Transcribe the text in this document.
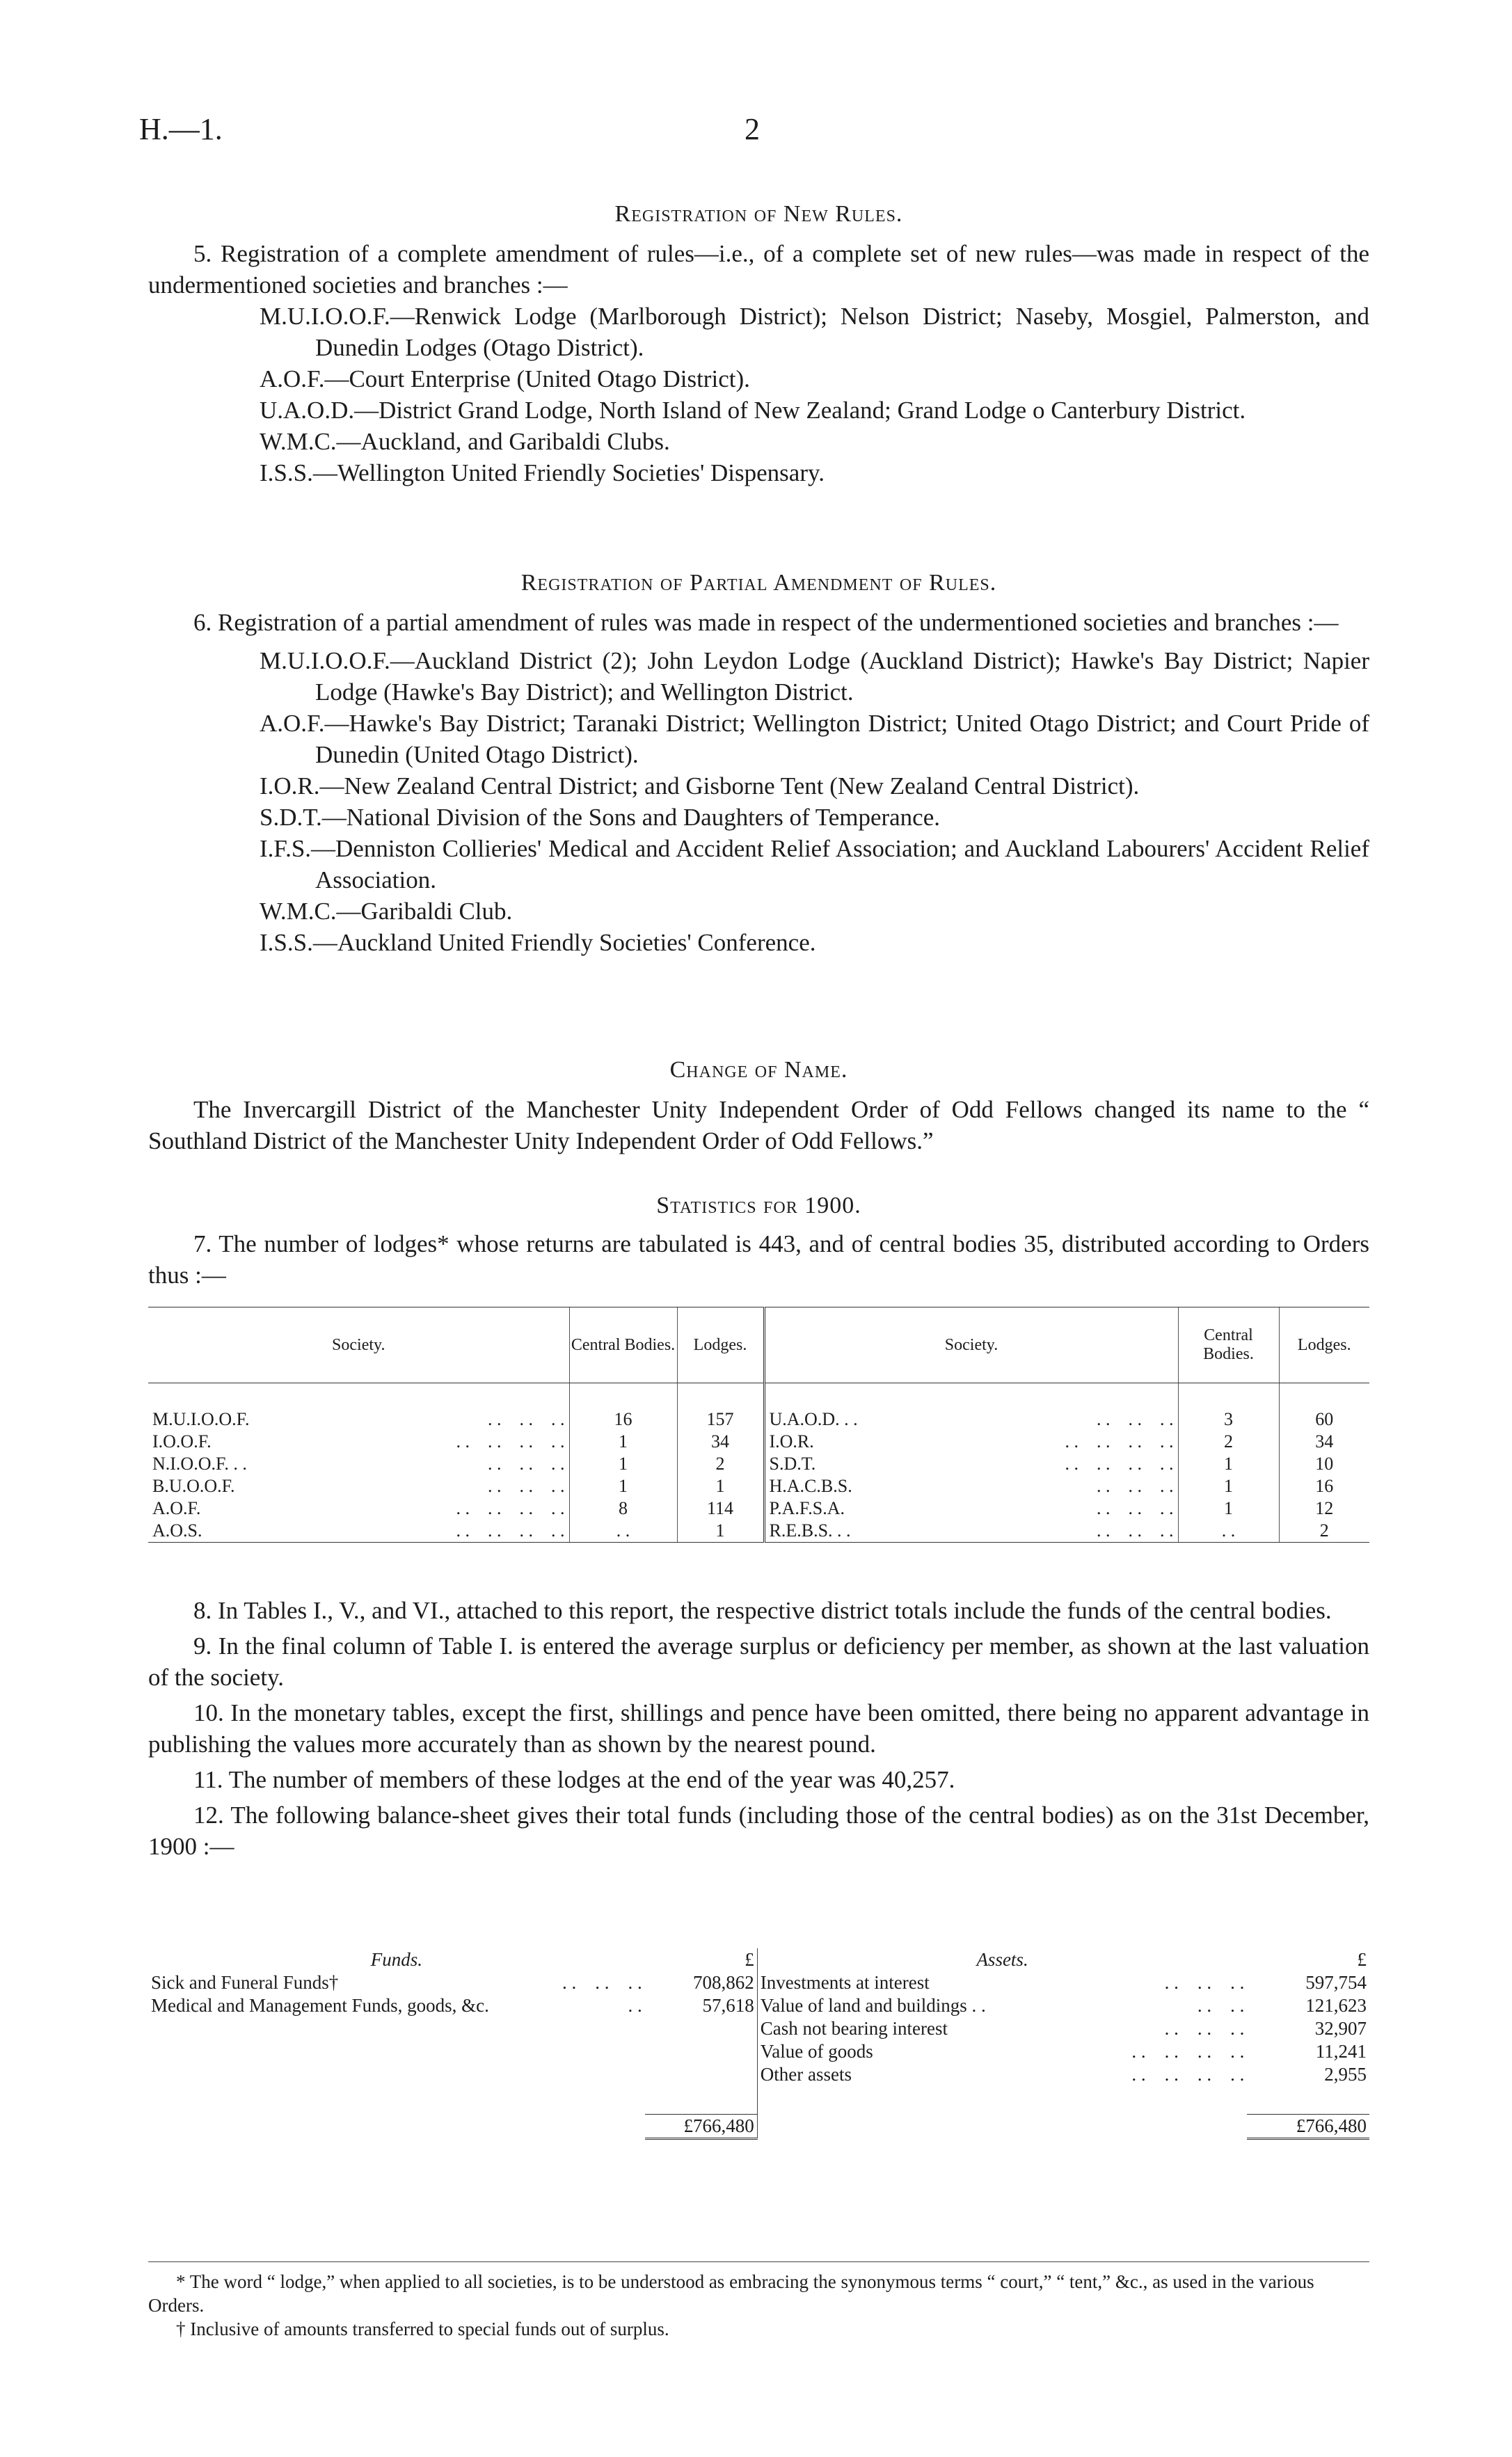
H.—1.	2

Registration of New Rules.

5. Registration of a complete amendment of rules—i.e., of a complete set of new rules—was made in respect of the undermentioned societies and branches :—

M.U.I.O.O.F.—Renwick Lodge (Marlborough District); Nelson District; Naseby, Mosgiel, Palmerston, and Dunedin Lodges (Otago District).

A.O.F.—Court Enterprise (United Otago District).

U.A.O.D.—District Grand Lodge, North Island of New Zealand; Grand Lodge o Canterbury District.

W.M.C.—Auckland, and Garibaldi Clubs.

I.S.S.—Wellington United Friendly Societies' Dispensary.

Registration of Partial Amendment of Rules.

6. Registration of a partial amendment of rules was made in respect of the undermentioned societies and branches :—

M.U.I.O.O.F.—Auckland District (2); John Leydon Lodge (Auckland District); Hawke's Bay District; Napier Lodge (Hawke's Bay District); and Wellington District.

A.O.F.—Hawke's Bay District; Taranaki District; Wellington District; United Otago District; and Court Pride of Dunedin (United Otago District).

I.O.R.—New Zealand Central District; and Gisborne Tent (New Zealand Central District).

S.D.T.—National Division of the Sons and Daughters of Temperance.

I.F.S.—Denniston Collieries' Medical and Accident Relief Association; and Auckland Labourers' Accident Relief Association.

W.M.C.—Garibaldi Club.

I.S.S.—Auckland United Friendly Societies' Conference.

Change of Name.

The Invercargill District of the Manchester Unity Independent Order of Odd Fellows changed its name to the “ Southland District of the Manchester Unity Independent Order of Odd Fellows.”

Statistics for 1900.

7. The number of lodges* whose returns are tabulated is 443, and of central bodies 35, distributed according to Orders thus :—

Society.	Central Bodies.	Lodges.	Society.	Central Bodies.	Lodges.

M.U.I.O.O.F. . .    . .    . .	16	157	U.A.O.D. . . . .    . .    . .	3	60
I.O.O.F. . .    . .    . .    . .	1	34	I.O.R. . .    . .    . .    . .	2	34
N.I.O.O.F. . . . .    . .    . .	1	2	S.D.T. . .    . .    . .    . .	1	10
B.U.O.O.F. . .    . .    . .	1	1	H.A.C.B.S. . .    . .    . .	1	16
A.O.F. . .    . .    . .    . .	8	114	P.A.F.S.A. . .    . .    . .	1	12
A.O.S. . .    . .    . .    . .	. .	1	R.E.B.S. . . . .    . .    . .	. .	2

8. In Tables I., V., and VI., attached to this report, the respective district totals include the funds of the central bodies.

9. In the final column of Table I. is entered the average surplus or deficiency per member, as shown at the last valuation of the society.

10. In the monetary tables, except the first, shillings and pence have been omitted, there being no apparent advantage in publishing the values more accurately than as shown by the nearest pound.

11. The number of members of these lodges at the end of the year was 40,257.

12. The following balance-sheet gives their total funds (including those of the central bodies) as on the 31st December, 1900 :—

Funds.		£	Assets.		£
Sick and Funeral Funds†	. .    . .    . .	708,862	Investments at interest	. .    . .    . .	597,754
Medical and Management Funds, goods, &c.	. .	57,618	Value of land and buildings . .	. .    . .	121,623
			Cash not bearing interest	. .    . .    . .	32,907
			Value of goods	. .    . .    . .    . .	11,241
			Other assets	. .    . .    . .    . .	2,955

		£766,480			£766,480

* The word “ lodge,” when applied to all societies, is to be understood as embracing the synonymous terms “ court,” “ tent,” &c., as used in the various Orders.

† Inclusive of amounts transferred to special funds out of surplus.
